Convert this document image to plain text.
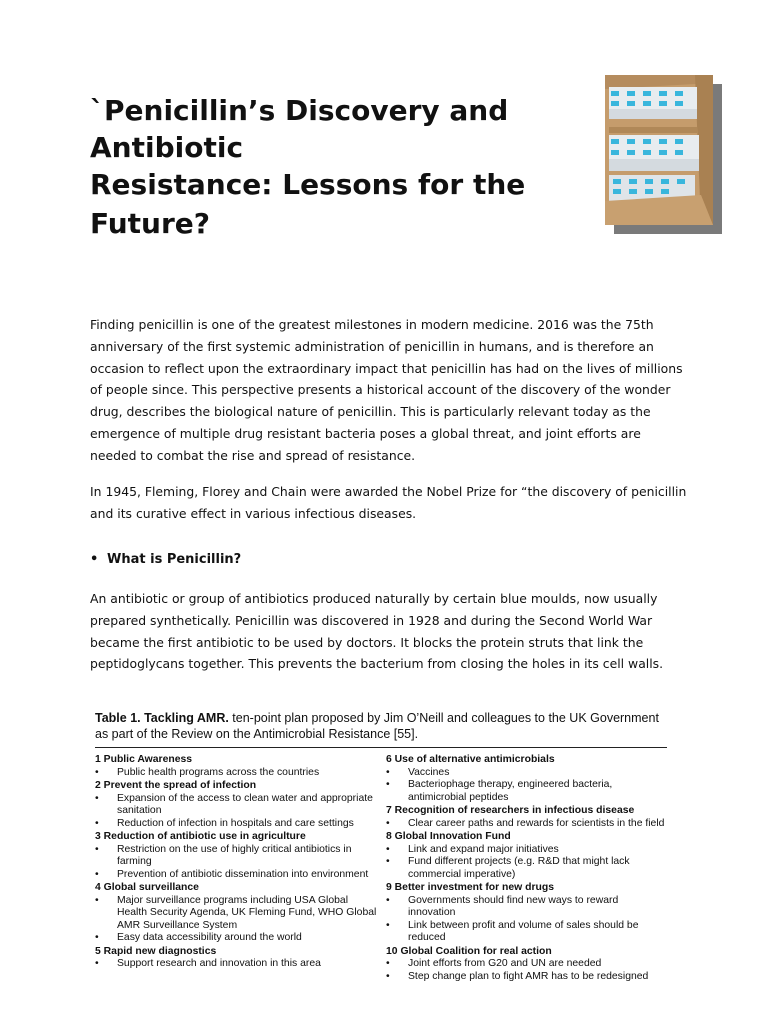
`Penicillin’s Discovery and
Antibiotic
Resistance: Lessons for the
Future?

Finding penicillin is one of the greatest milestones in modern medicine. 2016 was the 75th anniversary of the first systemic administration of penicillin in humans, and is therefore an occasion to reflect upon the extraordinary impact that penicillin has had on the lives of millions of people since. This perspective presents a historical account of the discovery of the wonder drug, describes the biological nature of penicillin. This is particularly relevant today as the emergence of multiple drug resistant bacteria poses a global threat, and joint efforts are needed to combat the rise and spread of resistance.

In 1945, Fleming, Florey and Chain were awarded the Nobel Prize for “the discovery of penicillin and its curative effect in various infectious diseases.

• What is Penicillin?

An antibiotic or group of antibiotics produced naturally by certain blue moulds, now usually prepared synthetically. Penicillin was discovered in 1928 and during the Second World War became the first antibiotic to be used by doctors. It blocks the protein struts that link the peptidoglycans together. This prevents the bacterium from closing the holes in its cell walls.

Table 1. Tackling AMR. ten-point plan proposed by Jim O’Neill and colleagues to the UK Government as part of the Review on the Antimicrobial Resistance [55].
1 Public Awareness
• Public health programs across the countries
2 Prevent the spread of infection
• Expansion of the access to clean water and appropriate sanitation
• Reduction of infection in hospitals and care settings
3 Reduction of antibiotic use in agriculture
• Restriction on the use of highly critical antibiotics in farming
• Prevention of antibiotic dissemination into environment
4 Global surveillance
• Major surveillance programs including USA Global Health Security Agenda, UK Fleming Fund, WHO Global AMR Surveillance System
• Easy data accessibility around the world
5 Rapid new diagnostics
• Support research and innovation in this area
6 Use of alternative antimicrobials
• Vaccines
• Bacteriophage therapy, engineered bacteria, antimicrobial peptides
7 Recognition of researchers in infectious disease
• Clear career paths and rewards for scientists in the field
8 Global Innovation Fund
• Link and expand major initiatives
• Fund different projects (e.g. R&D that might lack commercial imperative)
9 Better investment for new drugs
• Governments should find new ways to reward innovation
• Link between profit and volume of sales should be reduced
10 Global Coalition for real action
• Joint efforts from G20 and UN are needed
• Step change plan to fight AMR has to be redesigned
